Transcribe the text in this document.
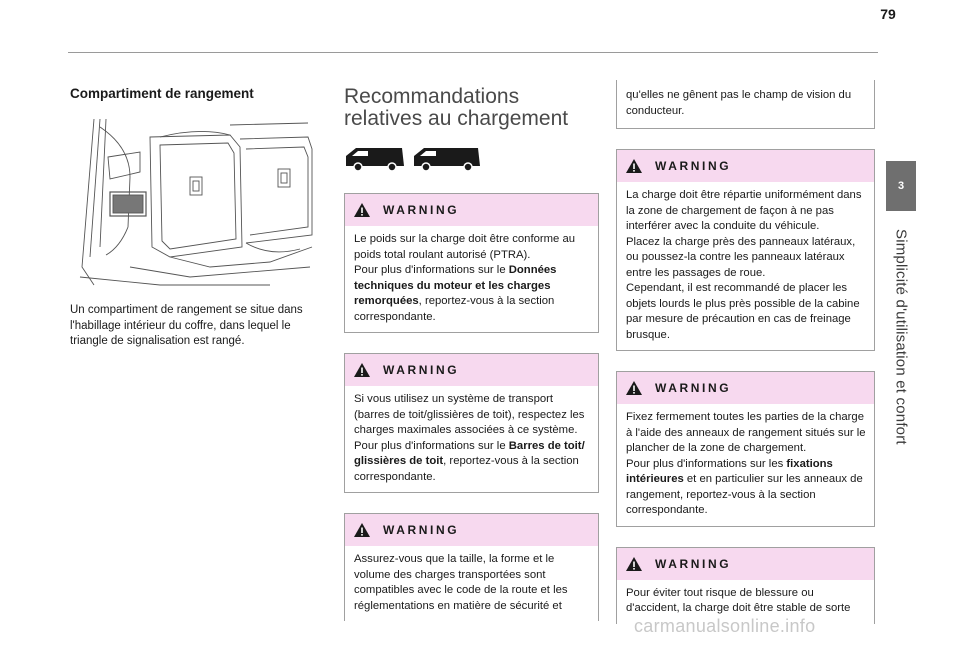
79
3
Simplicité d'utilisation et confort
Compartiment de rangement
Un compartiment de rangement se situe dans l'habillage intérieur du coffre, dans lequel le triangle de signalisation est rangé.
Recommandations
relatives au chargement
WARNING
Le poids sur la charge doit être conforme au poids total roulant autorisé (PTRA).
Pour plus d'informations sur le Données techniques du moteur et les charges remorquées, reportez-vous à la section correspondante.
WARNING
Si vous utilisez un système de transport (barres de toit/glissières de toit), respectez les charges maximales associées à ce système.
Pour plus d'informations sur le Barres de toit/ glissières de toit, reportez-vous à la section correspondante.
WARNING
Assurez-vous que la taille, la forme et le volume des charges transportées sont compatibles avec le code de la route et les réglementations en matière de sécurité et
qu'elles ne gênent pas le champ de vision du conducteur.
WARNING
La charge doit être répartie uniformément dans la zone de chargement de façon à ne pas interférer avec la conduite du véhicule.
Placez la charge près des panneaux latéraux, ou poussez-la contre les panneaux latéraux entre les passages de roue.
Cependant, il est recommandé de placer les objets lourds le plus près possible de la cabine par mesure de précaution en cas de freinage brusque.
WARNING
Fixez fermement toutes les parties de la charge à l'aide des anneaux de rangement situés sur le plancher de la zone de chargement.
Pour plus d'informations sur les fixations intérieures et en particulier sur les anneaux de rangement, reportez-vous à la section correspondante.
WARNING
Pour éviter tout risque de blessure ou d'accident, la charge doit être stable de sorte
carmanualsonline.info
